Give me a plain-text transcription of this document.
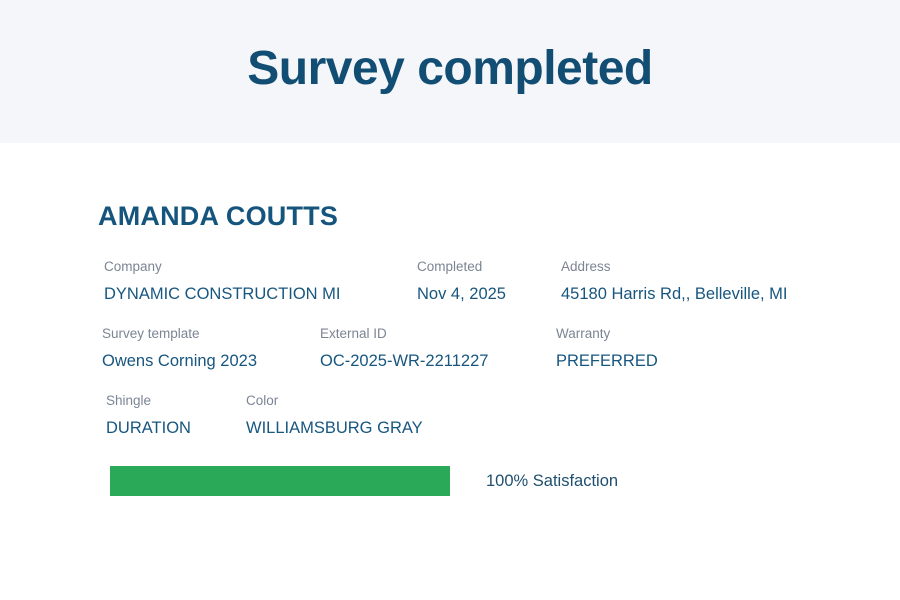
Survey completed
AMANDA COUTTS
Company
DYNAMIC CONSTRUCTION MI
Completed
Nov 4, 2025
Address
45180 Harris Rd,, Belleville, MI
Survey template
Owens Corning 2023
External ID
OC-2025-WR-2211227
Warranty
PREFERRED
Shingle
DURATION
Color
WILLIAMSBURG GRAY
100% Satisfaction
